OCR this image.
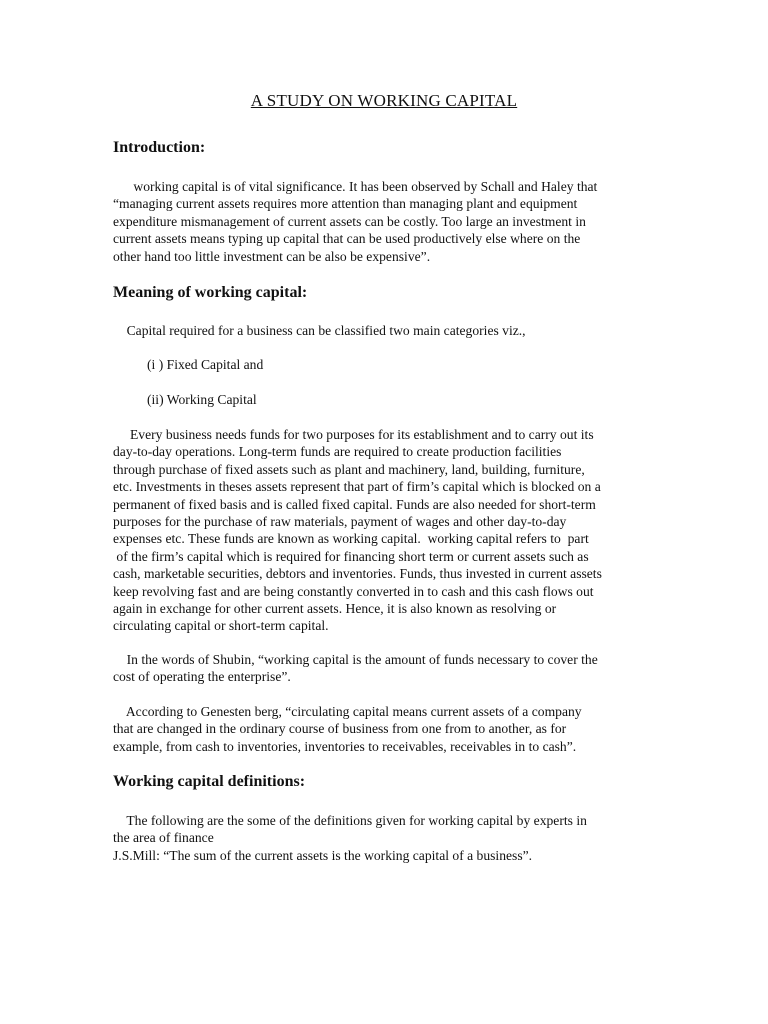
A STUDY ON WORKING CAPITAL
Introduction:
working capital is of vital significance. It has been observed by Schall and Haley that
“managing current assets requires more attention than managing plant and equipment
expenditure mismanagement of current assets can be costly. Too large an investment in
current assets means typing up capital that can be used productively else where on the
other hand too little investment can be also be expensive”.
Meaning of working capital:
Capital required for a business can be classified two main categories viz.,
(i ) Fixed Capital and
(ii) Working Capital
Every business needs funds for two purposes for its establishment and to carry out its
day-to-day operations. Long-term funds are required to create production facilities
through purchase of fixed assets such as plant and machinery, land, building, furniture,
etc. Investments in theses assets represent that part of firm’s capital which is blocked on a
permanent of fixed basis and is called fixed capital. Funds are also needed for short-term
purposes for the purchase of raw materials, payment of wages and other day-to-day
expenses etc. These funds are known as working capital.  working capital refers to  part
of the firm’s capital which is required for financing short term or current assets such as
cash, marketable securities, debtors and inventories. Funds, thus invested in current assets
keep revolving fast and are being constantly converted in to cash and this cash flows out
again in exchange for other current assets. Hence, it is also known as resolving or
circulating capital or short-term capital.
In the words of Shubin, “working capital is the amount of funds necessary to cover the
cost of operating the enterprise”.
According to Genesten berg, “circulating capital means current assets of a company
that are changed in the ordinary course of business from one from to another, as for
example, from cash to inventories, inventories to receivables, receivables in to cash”.
Working capital definitions:
The following are the some of the definitions given for working capital by experts in
the area of finance
J.S.Mill: “The sum of the current assets is the working capital of a business”.
